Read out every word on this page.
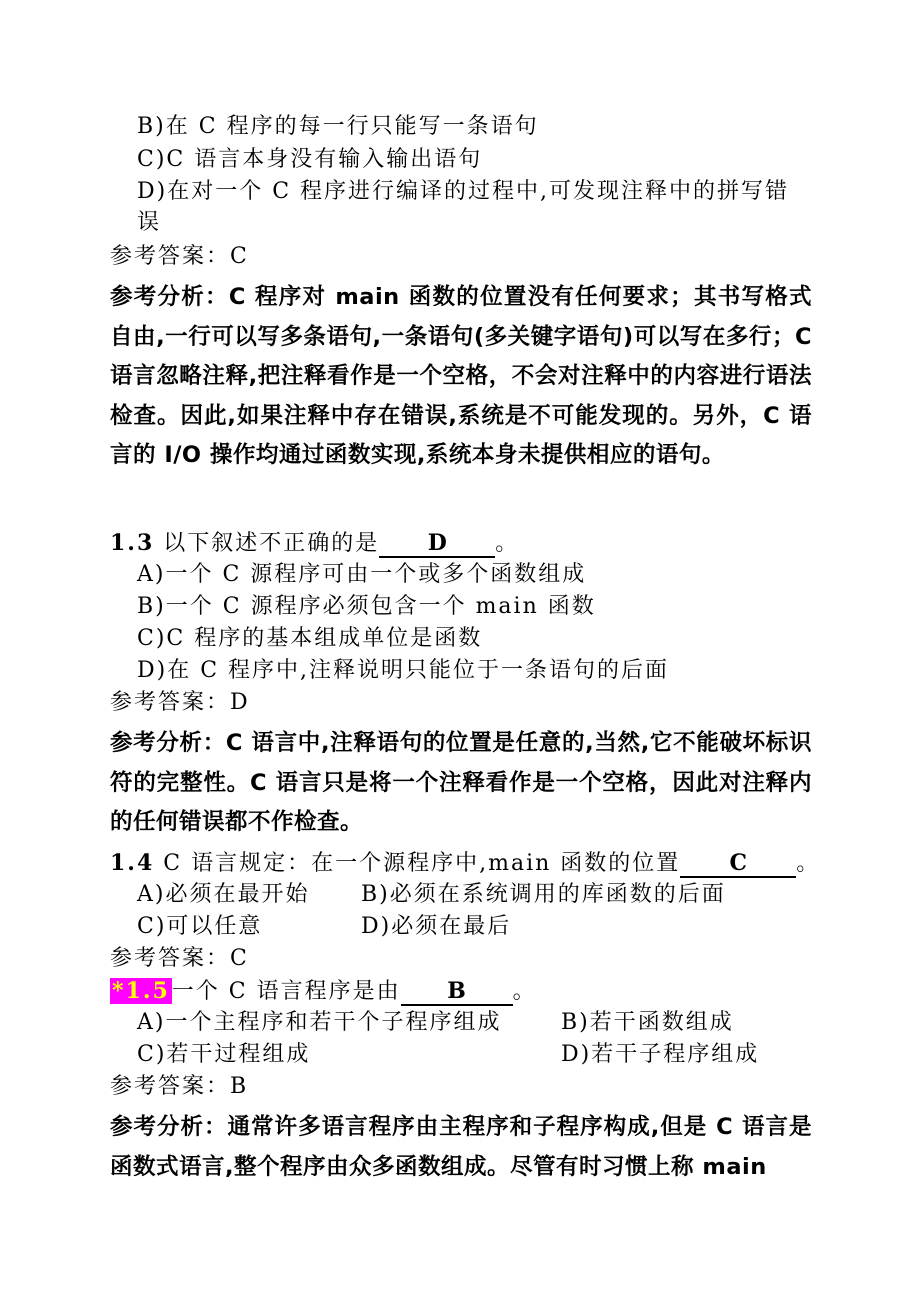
B)在 C 程序的每一行只能写一条语句
C)C 语言本身没有输入输出语句
D)在对一个 C 程序进行编译的过程中,可发现注释中的拼写错
误
参考答案：C
参考分析：C 程序对 main 函数的位置没有任何要求；其书写格式自由,一行可以写多条语句,一条语句(多关键字语句)可以写在多行；C 语言忽略注释,把注释看作是一个空格，不会对注释中的内容进行语法检查。因此,如果注释中存在错误,系统是不可能发现的。另外，C 语言的 I/O 操作均通过函数实现,系统本身未提供相应的语句。
1.3 以下叙述不正确的是 D 。
A)一个 C 源程序可由一个或多个函数组成
B)一个 C 源程序必须包含一个 main 函数
C)C 程序的基本组成单位是函数
D)在 C 程序中,注释说明只能位于一条语句的后面
参考答案：D
参考分析：C 语言中,注释语句的位置是任意的,当然,它不能破坏标识符的完整性。C 语言只是将一个注释看作是一个空格，因此对注释内的任何错误都不作检查。
1.4 C 语言规定：在一个源程序中,main 函数的位置 C 。
A)必须在最开始 B)必须在系统调用的库函数的后面
C)可以任意	D)必须在最后
参考答案：C
*1.5一个 C 语言程序是由 B 。
A)一个主程序和若干个子程序组成	B)若干函数组成
C)若干过程组成	D)若干子程序组成
参考答案：B
参考分析：通常许多语言程序由主程序和子程序构成,但是 C 语言是函数式语言,整个程序由众多函数组成。尽管有时习惯上称 main
